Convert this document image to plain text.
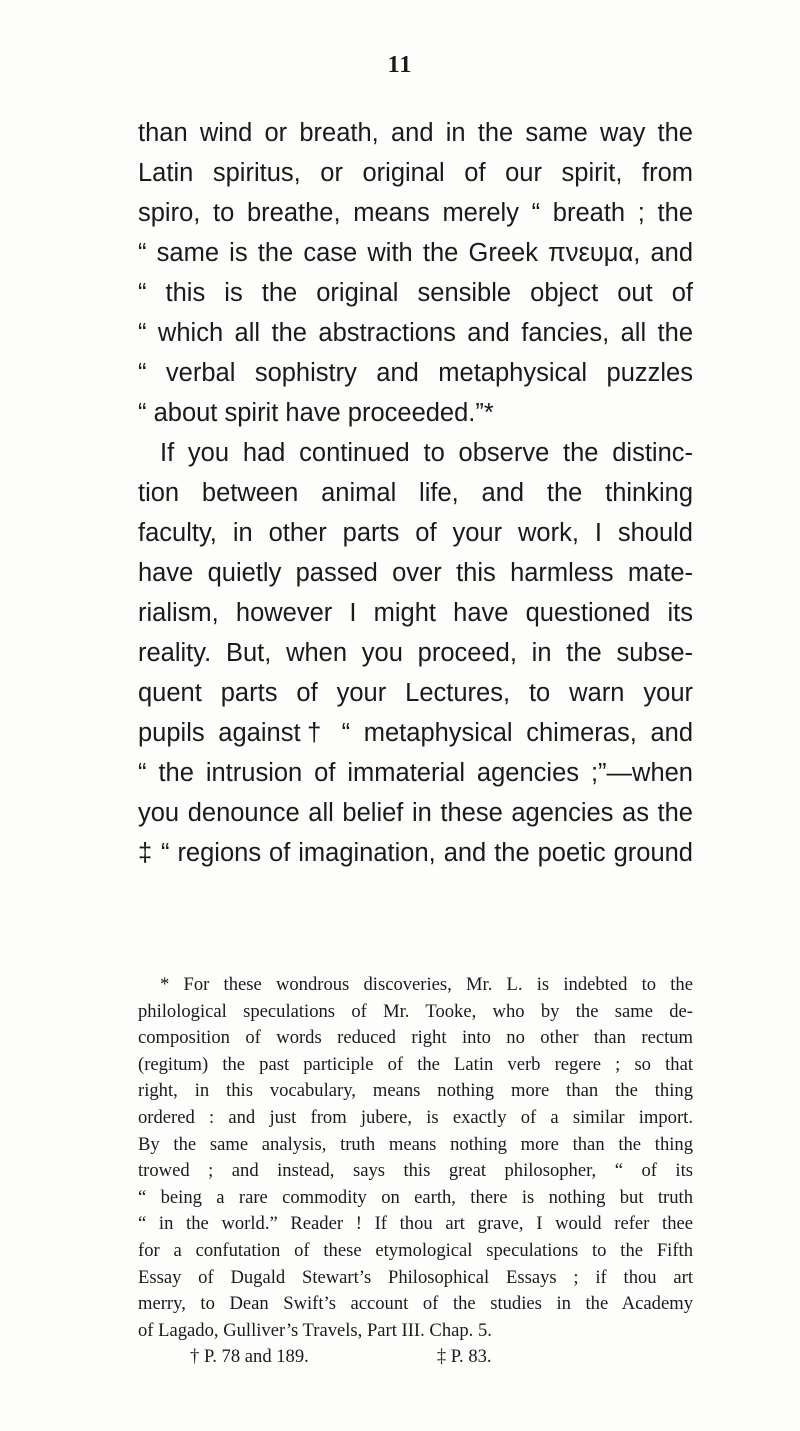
11
than wind or breath, and in the same way the
Latin spiritus, or original of our spirit, from
spiro, to breathe, means merely “ breath ; the
“ same is the case with the Greek πνευμα, and
“ this is the original sensible object out of
“ which all the abstractions and fancies, all the
“ verbal sophistry and metaphysical puzzles
“ about spirit have proceeded.”*
If you had continued to observe the distinc-
tion between animal life, and the thinking
faculty, in other parts of your work, I should
have quietly passed over this harmless mate-
rialism, however I might have questioned its
reality. But, when you proceed, in the subse-
quent parts of your Lectures, to warn your
pupils against† “ metaphysical chimeras, and
“ the intrusion of immaterial agencies ;”—when
you denounce all belief in these agencies as the
‡ “ regions of imagination, and the poetic ground
* For these wondrous discoveries, Mr. L. is indebted to the
philological speculations of Mr. Tooke, who by the same de-
composition of words reduced right into no other than rectum
(regitum) the past participle of the Latin verb regere ; so that
right, in this vocabulary, means nothing more than the thing
ordered : and just from jubere, is exactly of a similar import.
By the same analysis, truth means nothing more than the thing
trowed ; and instead, says this great philosopher, “ of its
“ being a rare commodity on earth, there is nothing but truth
“ in the world.” Reader ! If thou art grave, I would refer thee
for a confutation of these etymological speculations to the Fifth
Essay of Dugald Stewart’s Philosophical Essays ; if thou art
merry, to Dean Swift’s account of the studies in the Academy
of Lagado, Gulliver’s Travels, Part III. Chap. 5.
† P. 78 and 189.	‡ P. 83.
